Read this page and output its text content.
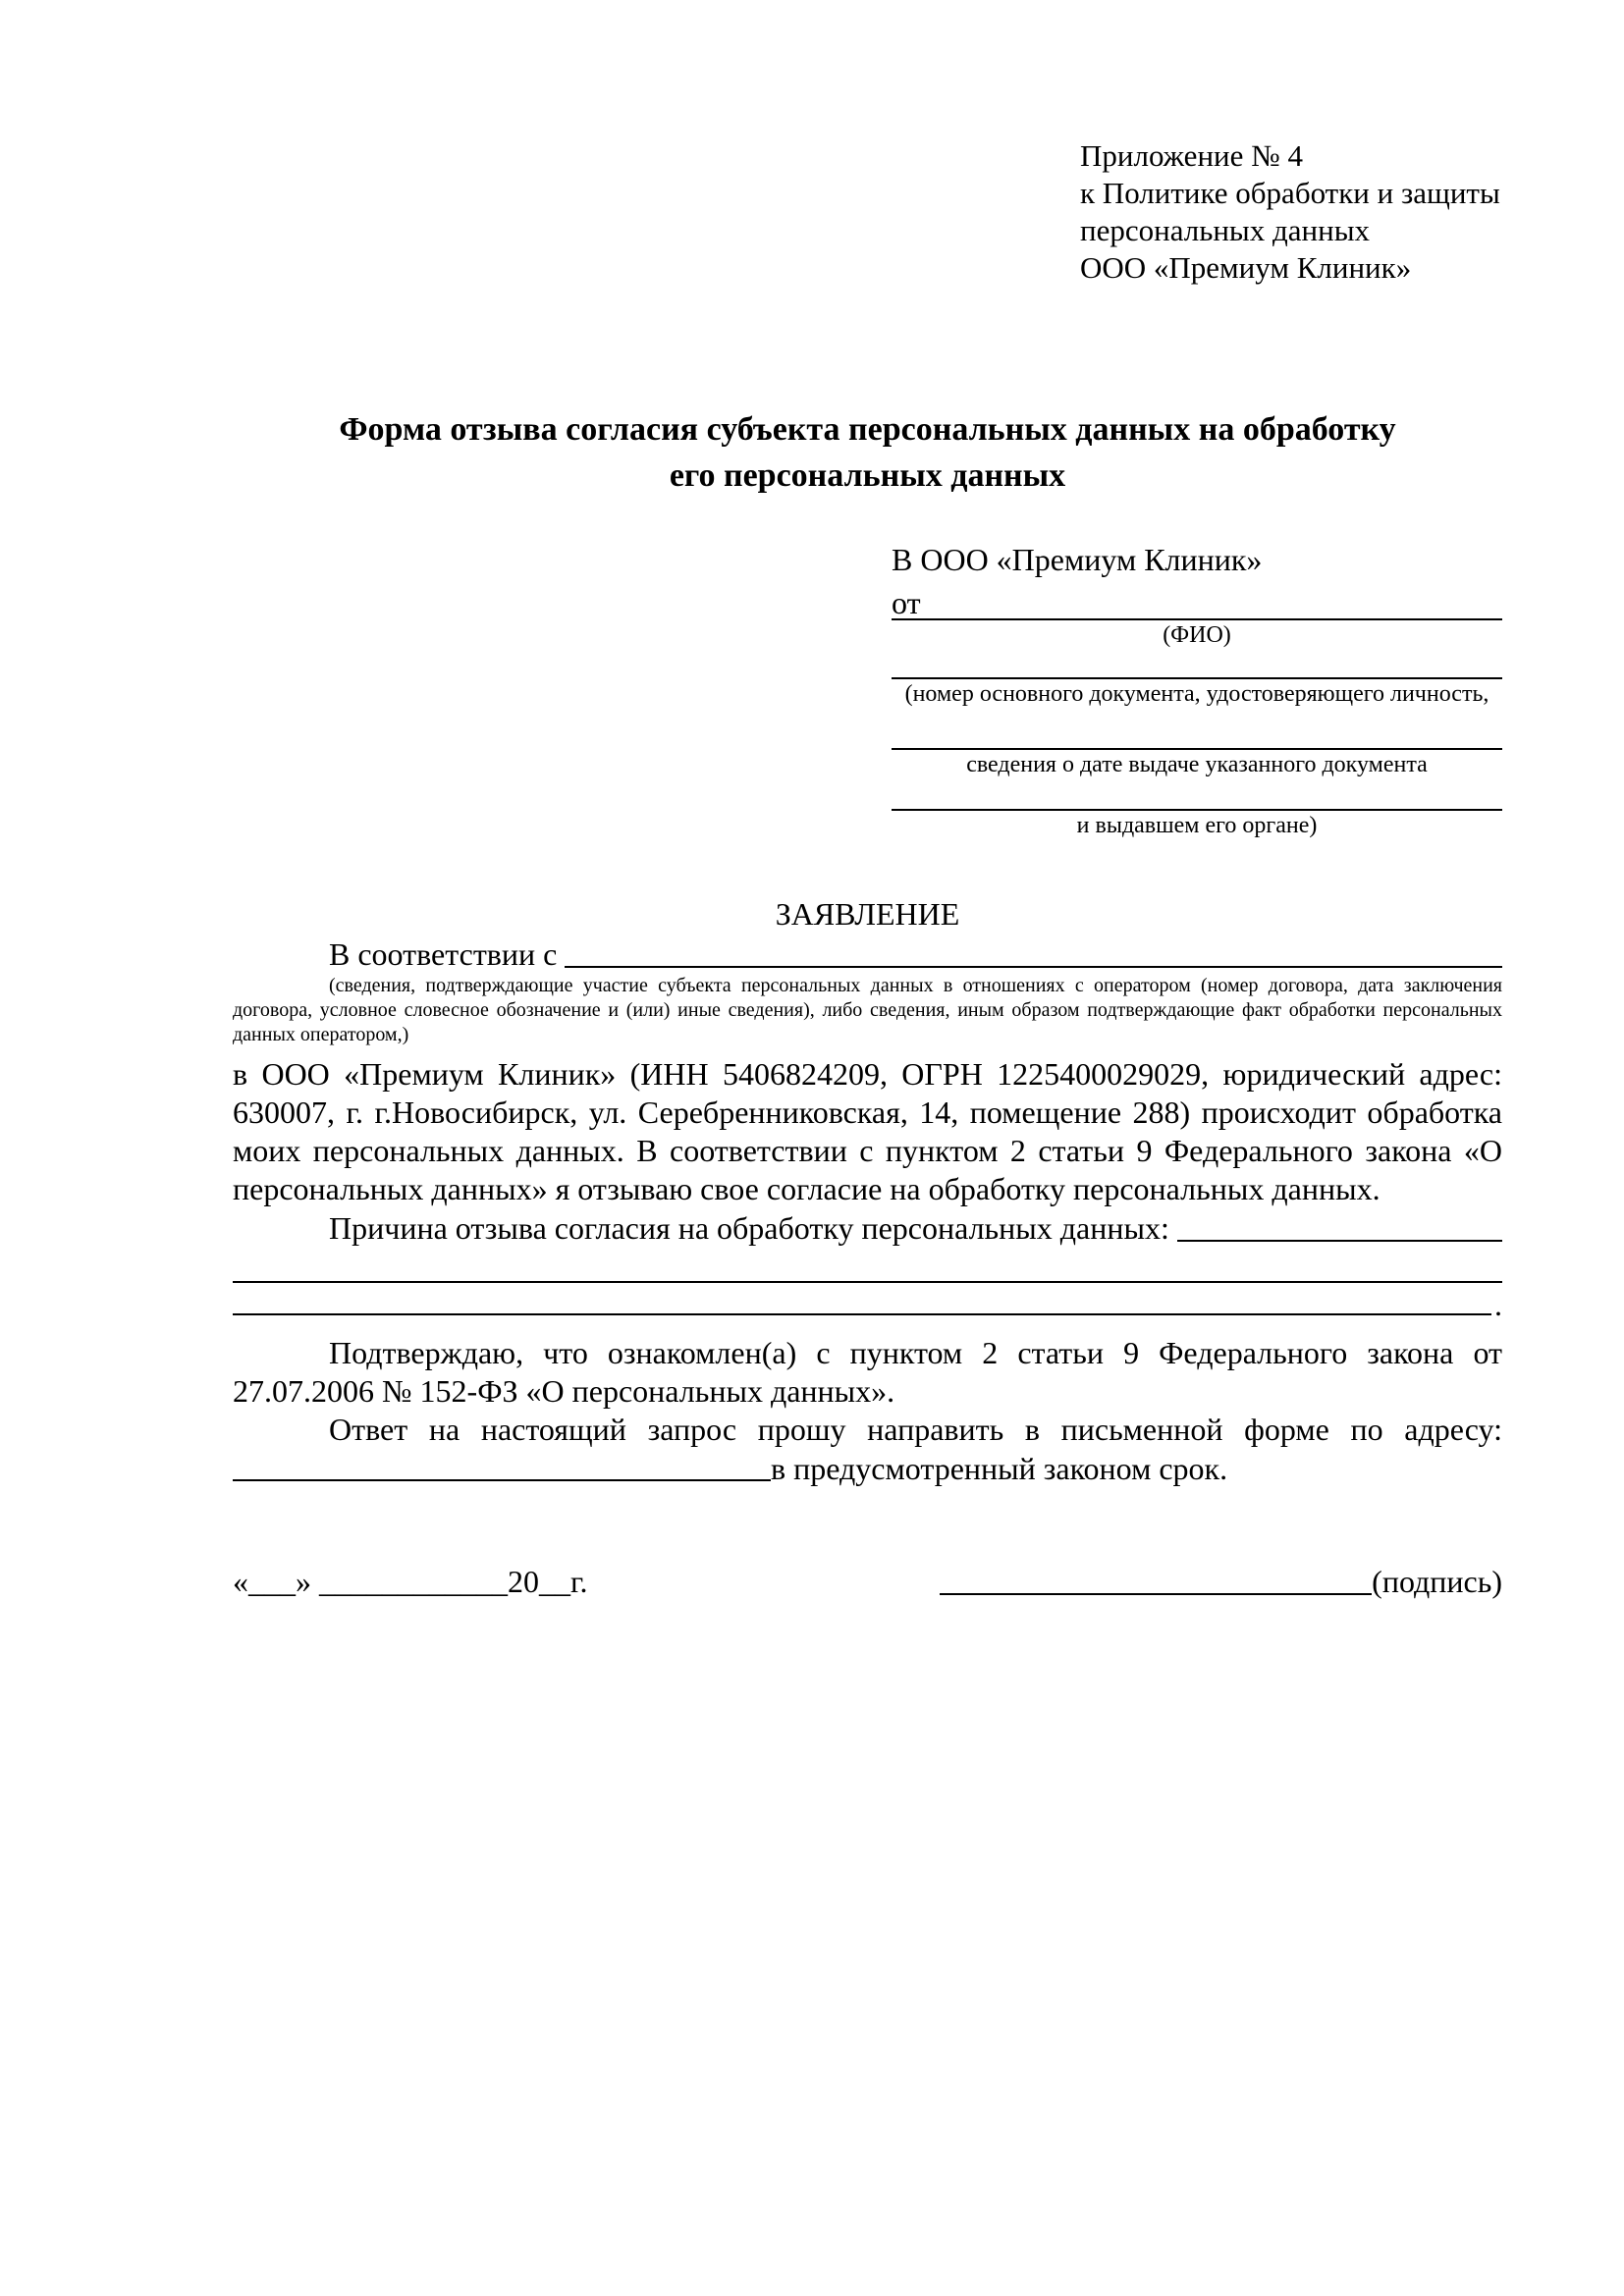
Приложение № 4
к Политике обработки и защиты
персональных данных
ООО «Премиум Клиник»
Форма отзыва согласия субъекта персональных данных на обработку
его персональных данных
В ООО «Премиум Клиник»
от
(ФИО)
(номер основного документа, удостоверяющего личность,
сведения о дате выдаче указанного документа
и выдавшем его органе)
ЗАЯВЛЕНИЕ
В соответствии с
(сведения, подтверждающие участие субъекта персональных данных в отношениях с оператором (номер договора, дата заключения договора, условное словесное обозначение и (или) иные сведения), либо сведения, иным образом подтверждающие факт обработки персональных данных оператором,)
в ООО «Премиум Клиник» (ИНН 5406824209, ОГРН 1225400029029, юридический адрес: 630007, г. г.Новосибирск, ул. Серебренниковская, 14, помещение 288) происходит обработка моих персональных данных. В соответствии с пунктом 2 статьи 9 Федерального закона «О персональных данных» я отзываю свое согласие на обработку персональных данных.
Причина отзыва согласия на обработку персональных данных:
.
Подтверждаю, что ознакомлен(а) с пунктом 2 статьи 9 Федерального закона от 27.07.2006 № 152-ФЗ «О персональных данных».
Ответ на настоящий запрос прошу направить в письменной форме по адресу:
в предусмотренный законом срок.
«___» ____________20__г.	(подпись)
